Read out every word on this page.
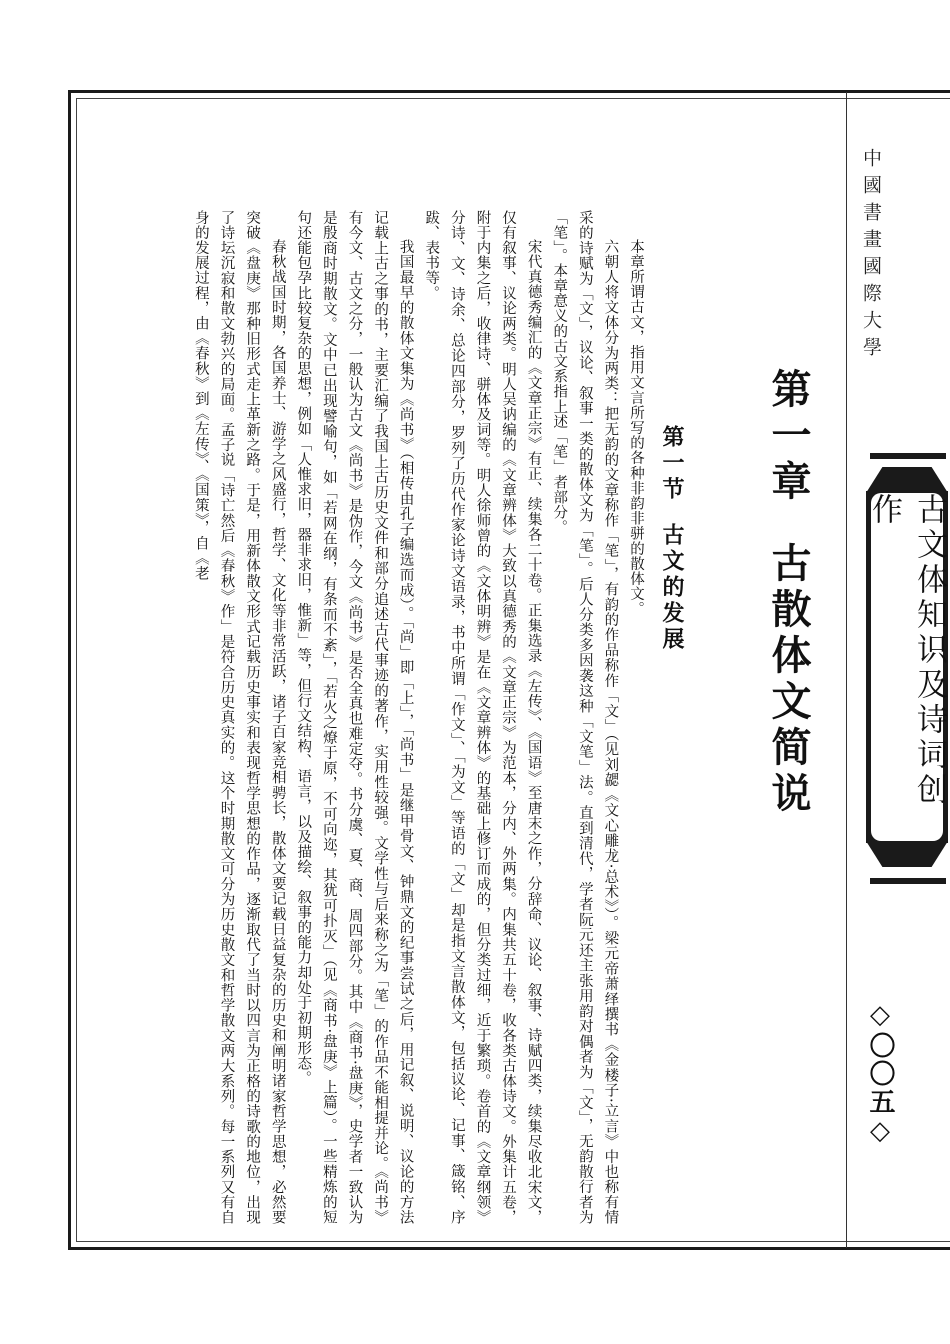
中國書畫國際大學
古文体知识及诗词创作
◇〇〇五◇
第一章古散体文简说
第一节古文的发展

本章所谓古文，指用文言所写的各种非韵非骈的散体文。

六朝人将文体分为两类：把无韵的文章称作「笔」，有韵的作品称作「文」（见刘勰《文心雕龙·总术》）。梁元帝萧绎撰书《金楼子·立言》中也称有情采的诗赋为「文」，议论、叙事一类的散体文为「笔」。后人分类多因袭这种「文笔」法。直到清代，学者阮元还主张用韵对偶者为「文」，无韵散行者为「笔」。本章意义的古文系指上述「笔」者部分。

宋代真德秀编汇的《文章正宗》有正、续集各二十卷。正集选录《左传》、《国语》至唐末之作，分辞命、议论、叙事、诗赋四类，续集尽收北宋文，仅有叙事、议论两类。明人吴讷编的《文章辨体》大致以真德秀的《文章正宗》为范本，分内、外两集。内集共五十卷，收各类古体诗文。外集计五卷，附于内集之后，收律诗、骈体及词等。明人徐师曾的《文体明辨》是在《文章辨体》的基础上修订而成的，但分类过细，近于繁琐。卷首的《文章纲领》分诗、文、诗余、总论四部分，罗列了历代作家论诗文语录，书中所谓「作文」、「为文」等语的「文」却是指文言散体文，包括议论、记事、箴铭、序跋、表书等。

我国最早的散体文集为《尚书》（相传由孔子编选而成）。「尚」即「上」，「尚书」是继甲骨文、钟鼎文的纪事尝试之后，用记叙、说明、议论的方法记载上古之事的书，主要汇编了我国上古历史文件和部分追述古代事迹的著作，实用性较强。文学性与后来称之为「笔」的作品不能相提并论。《尚书》有今文、古文之分，一般认为古文《尚书》是伪作，今文《尚书》是否全真也难定夺。书分虞、夏、商、周四部分。其中《商书·盘庚》，史学者一致认为是殷商时期散文。文中已出现譬喻句，如「若网在纲，有条而不紊」，「若火之燎于原，不可向迩，其犹可扑灭」（见《商书·盘庚》上篇）。一些精炼的短句还能包孕比较复杂的思想，例如「人惟求旧，器非求旧，惟新」等，但行文结构、语言，以及描绘、叙事的能力却处于初期形态。

春秋战国时期，各国养士、游学之风盛行，哲学、文化等非常活跃，诸子百家竞相骋长，散体文要记载日益复杂的历史和阐明诸家哲学思想，必然要突破《盘庚》那种旧形式走上革新之路。于是，用新体散文形式记载历史事实和表现哲学思想的作品，逐渐取代了当时以四言为正格的诗歌的地位，出现了诗坛沉寂和散文勃兴的局面。孟子说「诗亡然后《春秋》作」是符合历史真实的。这个时期散文可分为历史散文和哲学散文两大系列。每一系列又有自身的发展过程，由《春秋》到《左传》、《国策》，自《老
